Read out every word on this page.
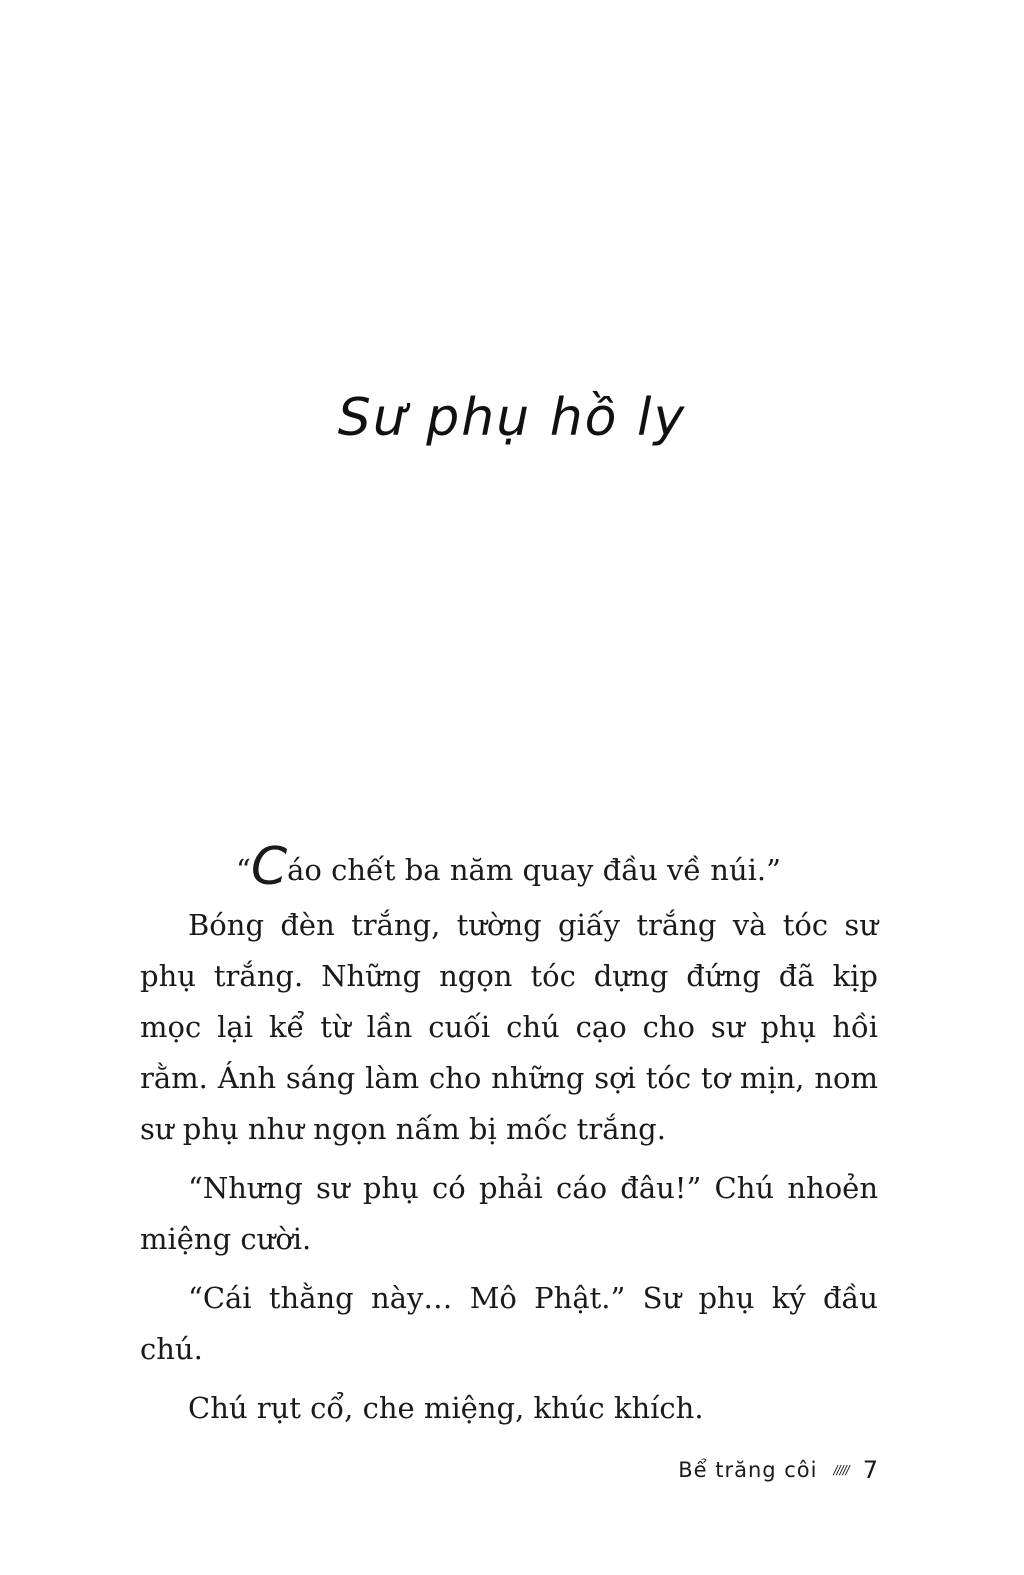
Sư phụ hồ ly

“Cáo chết ba năm quay đầu về núi.”

Bóng đèn trắng, tường giấy trắng và tóc sư phụ trắng. Những ngọn tóc dựng đứng đã kịp mọc lại kể từ lần cuối chú cạo cho sư phụ hồi rằm. Ánh sáng làm cho những sợi tóc tơ mịn, nom sư phụ như ngọn nấm bị mốc trắng.

“Nhưng sư phụ có phải cáo đâu!” Chú nhoẻn miệng cười.

“Cái thằng này… Mô Phật.” Sư phụ ký đầu chú.

Chú rụt cổ, che miệng, khúc khích.

Bể trăng côi ///// 7
